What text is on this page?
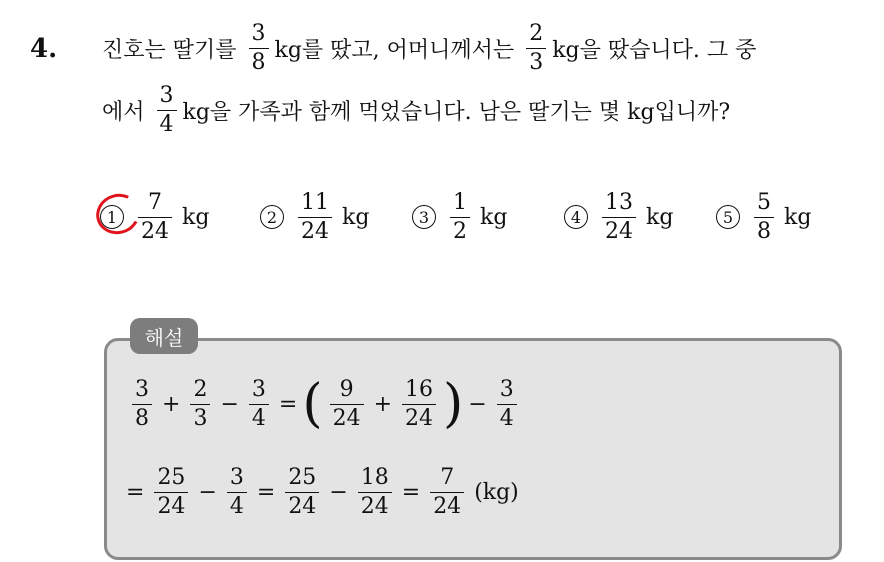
4. 진호는 딸기를 $\frac{3}{8}$ kg를 땄고, 어머니께서는 $\frac{2}{3}$ kg을 땄습니다. 그 중
에서 $\frac{3}{4}$ kg을 가족과 함께 먹었습니다. 남은 딸기는 몇 kg입니까?
$1 \frac{7}{24}$ kg	$2 \frac{11}{24}$ kg	$3 \frac{1}{2}$ kg	$4 \frac{13}{24}$ kg	$5 \frac{5}{8}$ kg
해설
$\frac{3}{8} + \frac{2}{3} - \frac{3}{4}$ = ( $\frac{9}{24} + \frac{16}{24}$ ) − $\frac{3}{4}$
= $\frac{25}{24} - \frac{3}{4} = \frac{25}{24} - \frac{18}{24} = \frac{7}{24} (kg)$
